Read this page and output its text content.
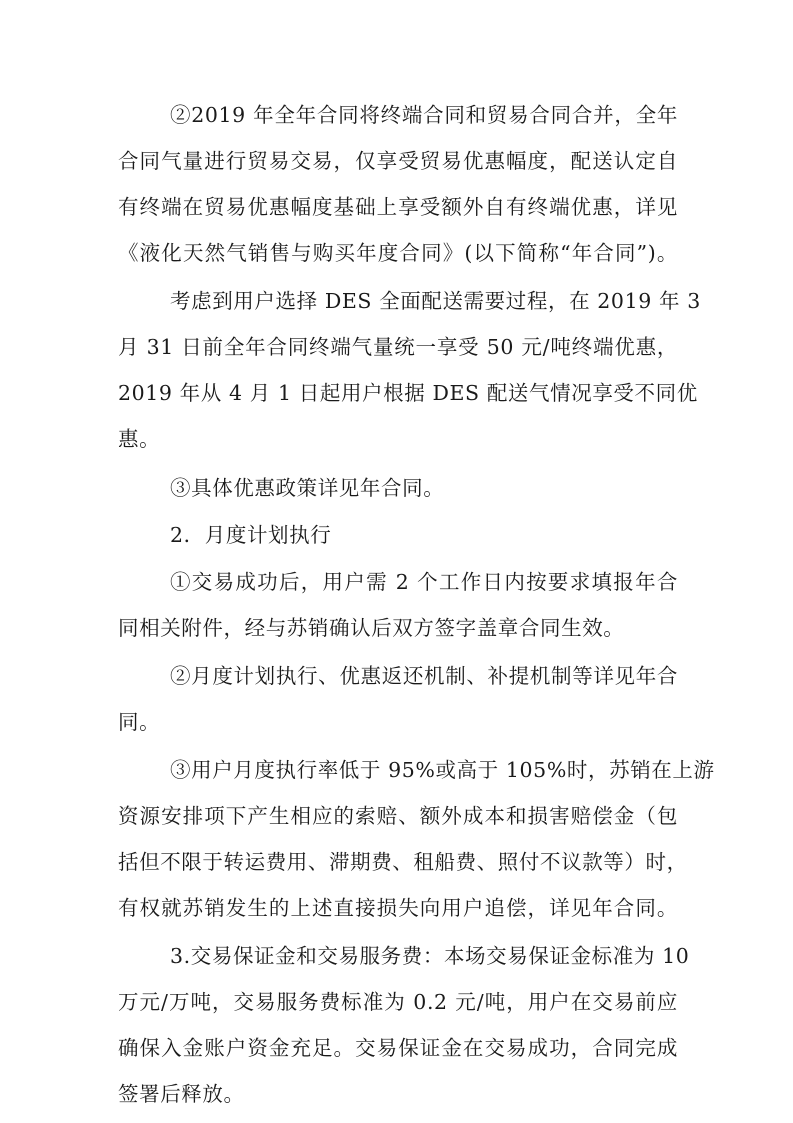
②2019 年全年合同将终端合同和贸易合同合并，全年
合同气量进行贸易交易，仅享受贸易优惠幅度，配送认定自
有终端在贸易优惠幅度基础上享受额外自有终端优惠，详见
《液化天然气销售与购买年度合同》(以下简称“年合同”)。
考虑到用户选择 DES 全面配送需要过程，在 2019 年 3
月 31 日前全年合同终端气量统一享受 50 元/吨终端优惠，
2019 年从 4 月 1 日起用户根据 DES 配送气情况享受不同优
惠。
③具体优惠政策详见年合同。
2．月度计划执行
①交易成功后，用户需 2 个工作日内按要求填报年合
同相关附件，经与苏销确认后双方签字盖章合同生效。
②月度计划执行、优惠返还机制、补提机制等详见年合
同。
③用户月度执行率低于 95%或高于 105%时，苏销在上游
资源安排项下产生相应的索赔、额外成本和损害赔偿金（包
括但不限于转运费用、滞期费、租船费、照付不议款等）时，
有权就苏销发生的上述直接损失向用户追偿，详见年合同。
3.交易保证金和交易服务费：本场交易保证金标准为 10
万元/万吨，交易服务费标准为 0.2 元/吨，用户在交易前应
确保入金账户资金充足。交易保证金在交易成功，合同完成
签署后释放。
